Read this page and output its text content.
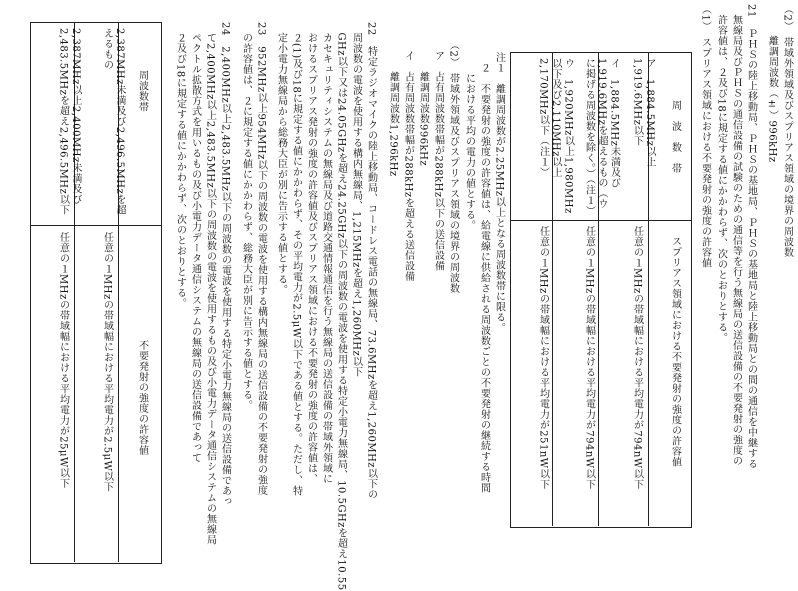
（2）　帯域外領域及びスプリアス領域の境界の周波数
　　　離調周波数（±）996kHz
21　ＰＨＳの陸上移動局、ＰＨＳの基地局、ＰＨＳの基地局と陸上移動局との間の通信を中継する
　無線局及びＰＨＳの通信設備の試験のための通信等を行う無線局の送信設備の不要発射の強度の
　許容値は、２及び18に規定する値にかかわらず、次のとおりとする。
（1）　スプリアス領域における不要発射の強度の許容値
周　波　数　帯
スプリアス領域における不要発射の強度の許容値
ア　1,884.5MHz以上1,919.6MHz以下
任意の１MHzの帯域幅における平均電力が794nW以下
イ　1,884.5MHz未満及び1,919.6MHzを超えるもの（ウに掲げる周波数を除く。）（注１）
任意の１MHzの帯域幅における平均電力が794nW以下
ウ　1,920MHz以上1,980MHz以下及び2,110MHz以上2,170MHz以下（注１）
任意の１MHzの帯域幅における平均電力が251nW以下
注１　離調周波数が2.25MHz以上となる周波数帯に限る。
　２　不要発射の強度の許容値は、給電線に供給される周波数ごとの不要発射の継続する時間
　　における平均の電力の値とする。
（2）　帯域外領域及びスプリアス領域の境界の周波数
　ア　占有周波数帯幅が288kHz以下の送信設備
　　　離調周波数996kHz
　イ　占有周波数帯幅が288kHzを超える送信設備
　　　離調周波数1,296kHz
22　特定ラジオマイクの陸上移動局、コードレス電話の無線局、73.6MHzを超え1,260MHz以下の
　周波数の電波を使用する構内無線局、1,215MHzを超え1,260MHz以下
　GHz以下又は24.05GHzを超え24.25GHz以下の周波数の電波を使用する特定小電力無線局、10.5GHzを超え10.55
　カセキュリティシステムの無線局及び道路交通情報通信を行う無線局の送信設備の帯域外領域に
　おけるスプリアス発射の強度の許容値及びスプリアス領域における不要発射の強度の許容値は、
　２(1)及び18に規定する値にかかわらず、その平均電力が2.5μW以下である値とする。ただし、特
　定小電力無線局から総務大臣が別に告示する値とする。
23　952MHz以上954MHz以下の周波数の電波を使用する構内無線局の送信設備の不要発射の強度
　の許容値は、２に規定する値にかかわらず、総務大臣が別に告示する値とする。
24　2,400MHz以上2,483.5MHz以下の周波数の電波を使用する特定小電力無線局の送信設備であっ
　て2,400MHz以上2,483.5MHz以下の周波数の電波を使用するもの及び小電力データ通信システムの無線局
　ペクトル拡散方式を用いるもの及び小電力データ通信システムの無線局の送信設備であって
　２及び18に規定する値にかかわらず、次のとおりとする。
周波数帯
不要発射の強度の許容値
2,387MHz未満及び2,496.5MHzを超えるもの
任意の１MHzの帯域幅における平均電力が2.5μW以下
2,387MHz以上2,400MHz未満及び2,483.5MHzを超え2,496.5MHz以下
任意の１MHzの帯域幅における平均電力が25μW以下
